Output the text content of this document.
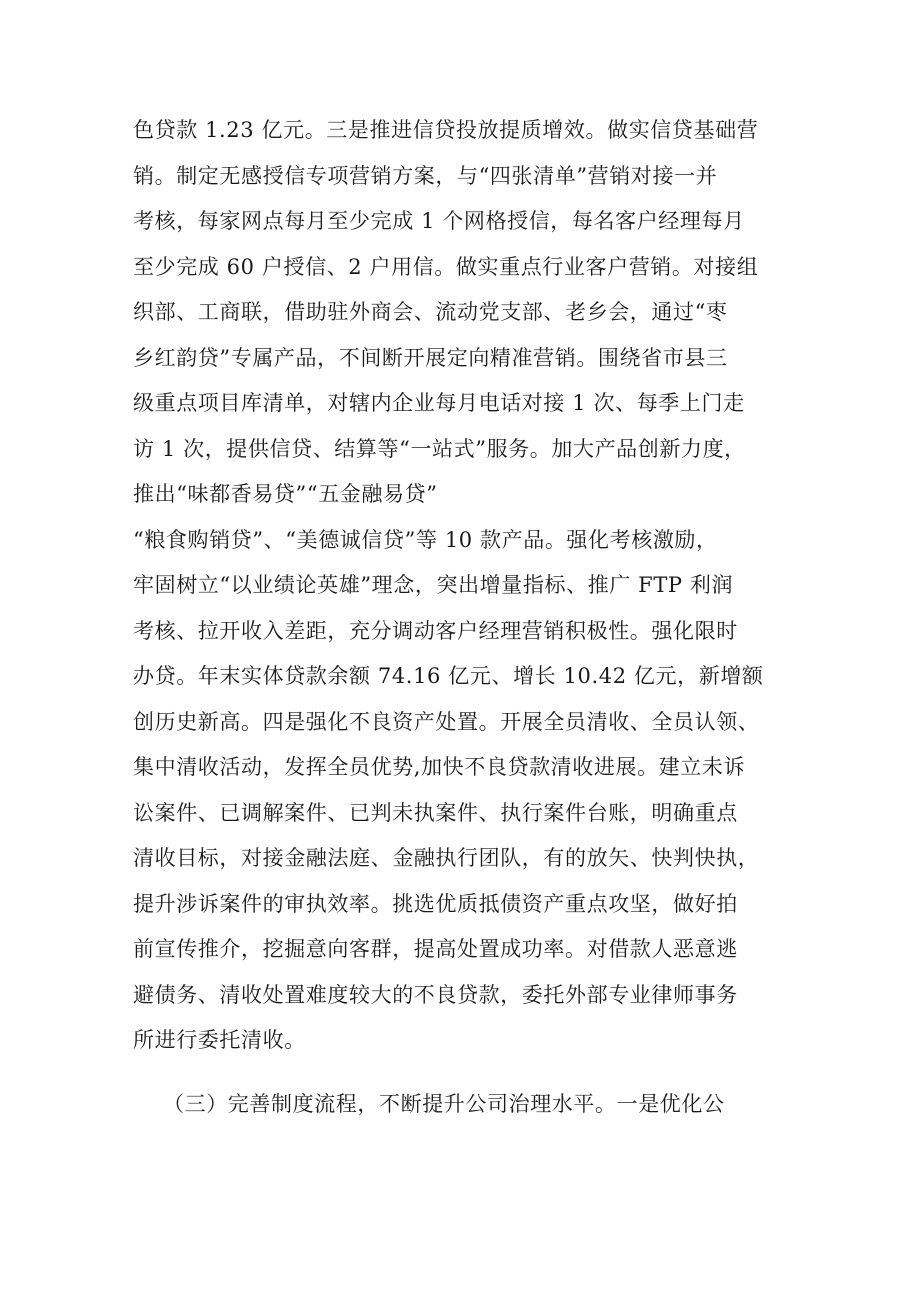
色贷款 1.23 亿元。三是推进信贷投放提质增效。做实信贷基础营
销。制定无感授信专项营销方案，与“四张清单”营销对接一并
考核，每家网点每月至少完成 1 个网格授信，每名客户经理每月
至少完成 60 户授信、2 户用信。做实重点行业客户营销。对接组
织部、工商联，借助驻外商会、流动党支部、老乡会，通过“枣
乡红韵贷”专属产品，不间断开展定向精准营销。围绕省市县三
级重点项目库清单，对辖内企业每月电话对接 1 次、每季上门走
访 1 次，提供信贷、结算等“一站式”服务。加大产品创新力度，
推出“味都香易贷”“五金融易贷”
“粮食购销贷”、“美德诚信贷”等 10 款产品。强化考核激励，
牢固树立“以业绩论英雄”理念，突出增量指标、推广 FTP 利润
考核、拉开收入差距，充分调动客户经理营销积极性。强化限时
办贷。年末实体贷款余额 74.16 亿元、增长 10.42 亿元，新增额
创历史新高。四是强化不良资产处置。开展全员清收、全员认领、
集中清收活动，发挥全员优势,加快不良贷款清收进展。建立未诉
讼案件、已调解案件、已判未执案件、执行案件台账，明确重点
清收目标，对接金融法庭、金融执行团队，有的放矢、快判快执，
提升涉诉案件的审执效率。挑选优质抵债资产重点攻坚，做好拍
前宣传推介，挖掘意向客群，提高处置成功率。对借款人恶意逃
避债务、清收处置难度较大的不良贷款，委托外部专业律师事务
所进行委托清收。
（三）完善制度流程，不断提升公司治理水平。一是优化公
